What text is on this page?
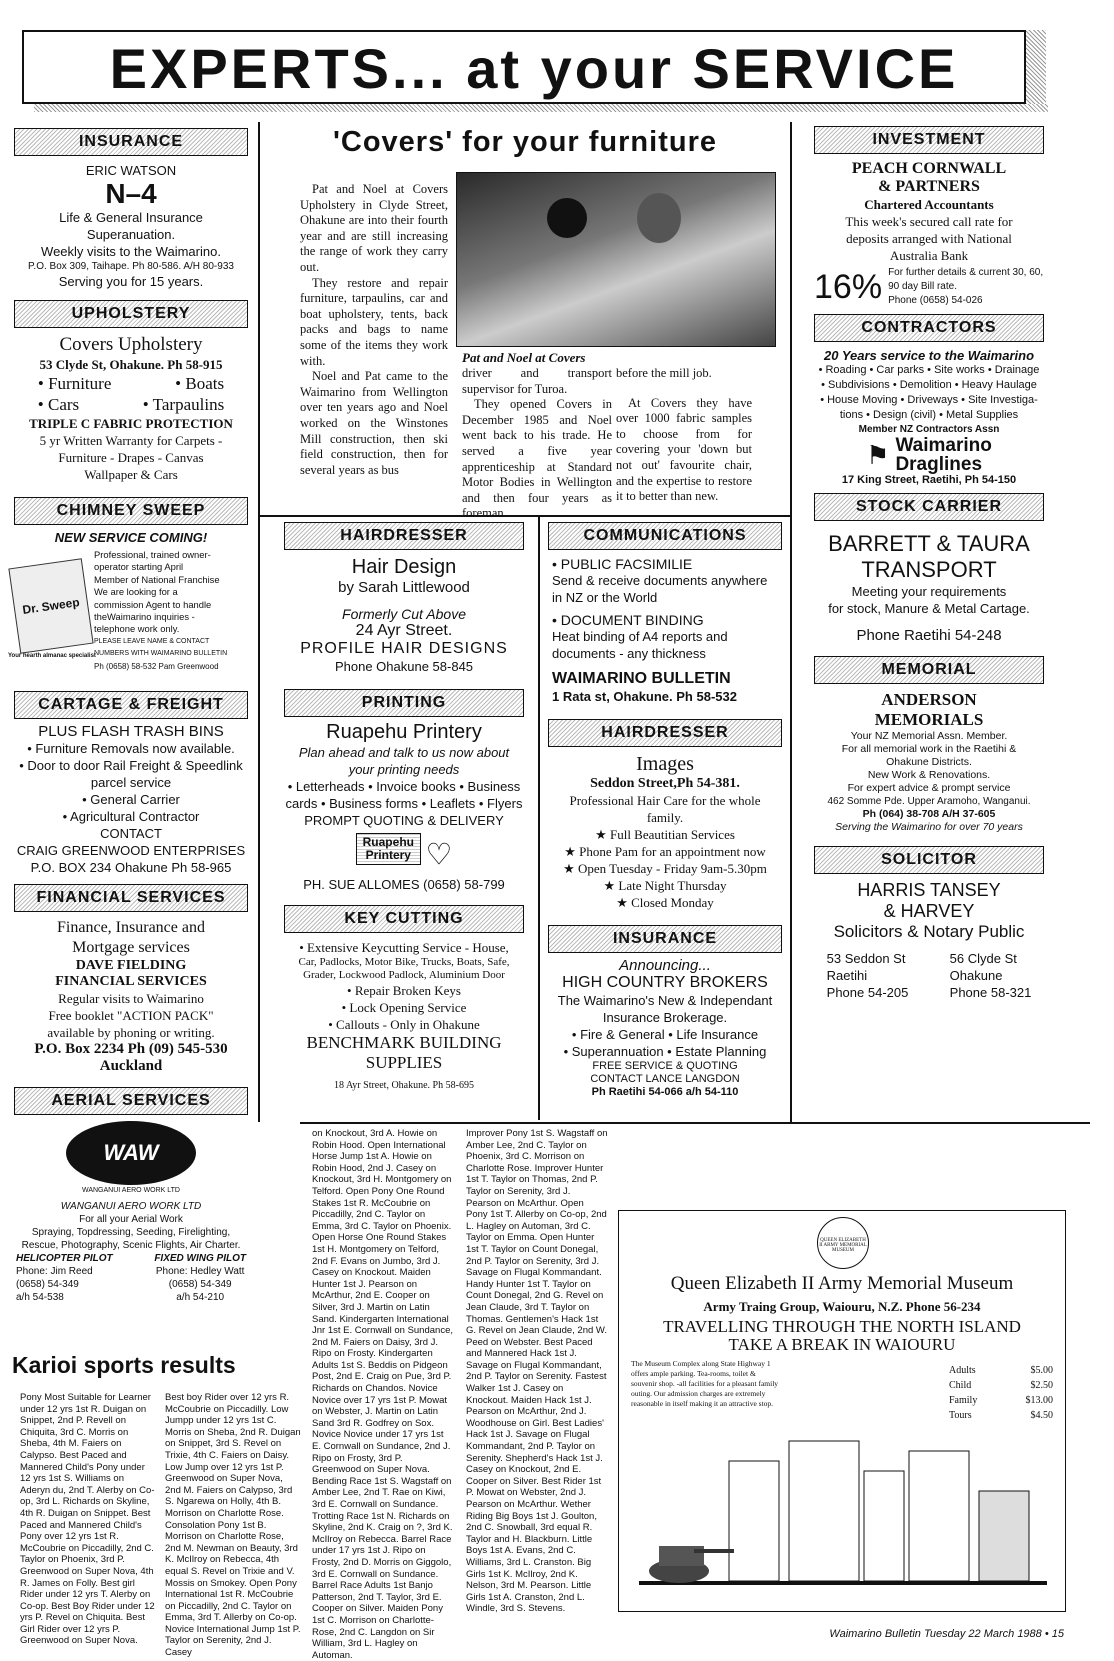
EXPERTS... at your SERVICE
INSURANCE
ERIC WATSON
N–4
Life & General Insurance
Superanuation.
Weekly visits to the Waimarino.
P.O. Box 309, Taihape. Ph 80-586. A/H 80-933
Serving you for 15 years.
UPHOLSTERY
Covers Upholstery
53 Clyde St, Ohakune. Ph 58-915
• Furniture	• Boats
• Cars	• Tarpaulins
TRIPLE C FABRIC PROTECTION
5 yr Written Warranty for Carpets -
Furniture - Drapes - Canvas
Wallpaper & Cars
CHIMNEY SWEEP
NEW SERVICE COMING!
Dr. Sweep
Your hearth almanac specialist
Professional, trained owner-
operator starting April
Member of National Franchise
We are looking for a
commission Agent to handle
theWaimarino inquiries -
telephone work only.
PLEASE LEAVE NAME & CONTACT
NUMBERS WITH WAIMARINO BULLETIN
Ph (0658) 58-532 Pam Greenwood
CARTAGE & FREIGHT
PLUS FLASH TRASH BINS
• Furniture Removals now available.
• Door to door Rail Freight & Speedlink
parcel service
• General Carrier
• Agricultural Contractor
CONTACT
CRAIG GREENWOOD ENTERPRISES
P.O. BOX 234 Ohakune Ph 58-965
FINANCIAL SERVICES
Finance, Insurance and
Mortgage services
DAVE FIELDING
FINANCIAL SERVICES
Regular visits to Waimarino
Free booklet "ACTION PACK"
available by phoning or writing.
P.O. Box 2234 Ph (09) 545-530
Auckland
AERIAL SERVICES
WAW
WANGANUI AERO WORK LTD
WANGANUI AERO WORK LTD
For all your Aerial Work
Spraying, Topdressing, Seeding, Firelighting,
Rescue, Photography, Scenic Flights, Air Charter.
HELICOPTER PILOT
Phone: Jim Reed
(0658) 54-349
a/h 54-538
FIXED WING PILOT
Phone: Hedley Watt
(0658) 54-349
a/h 54-210
'Covers' for your furniture

Pat and Noel at Covers Upholstery in Clyde Street, Ohakune are into their fourth year and are still increasing the range of work they carry out.

They restore and repair furniture, tarpaulins, car and boat upholstery, tents, back packs and bags to name some of the items they work with.

Noel and Pat came to the Waimarino from Wellington over ten years ago and Noel worked on the Winstones Mill construction, then ski field construction, then for several years as bus

Pat and Noel at Covers

driver and transport supervisor for Turoa.

They opened Covers in December 1985 and Noel went back to his trade. He served a five year apprenticeship at Standard Motor Bodies in Wellington and then four years as foreman

before the mill job.

At Covers they have over 1000 fabric samples to choose from for covering your 'down but not out' favourite chair, and the expertise to restore it to better than new.

HAIRDRESSER
Hair Design
by Sarah Littlewood
Formerly Cut Above
24 Ayr Street.
PROFILE HAIR DESIGNS
Phone Ohakune 58-845
PRINTING
Ruapehu Printery
Plan ahead and talk to us now about
your printing needs
• Letterheads • Invoice books • Business
cards • Business forms • Leaflets • Flyers
PROMPT QUOTING & DELIVERY
Ruapehu
Printery ♡
PH. SUE ALLOMES (0658) 58-799
KEY CUTTING
• Extensive Keycutting Service - House,
Car, Padlocks, Motor Bike, Trucks, Boats, Safe,
Grader, Lockwood Padlock, Aluminium Door
• Repair Broken Keys
• Lock Opening Service
• Callouts - Only in Ohakune
BENCHMARK BUILDING
SUPPLIES
18 Ayr Street, Ohakune. Ph 58-695
COMMUNICATIONS
• PUBLIC FACSIMILIE
Send & receive documents anywhere
in NZ or the World
• DOCUMENT BINDING
Heat binding of A4 reports and
documents - any thickness
WAIMARINO BULLETIN
1 Rata st, Ohakune. Ph 58-532
HAIRDRESSER
Images
Seddon Street,Ph 54-381.
Professional Hair Care for the whole
family.
★ Full Beautitian Services
★ Phone Pam for an appointment now
★ Open Tuesday - Friday 9am-5.30pm
★ Late Night Thursday
★ Closed Monday
INSURANCE
Announcing...
HIGH COUNTRY BROKERS
The Waimarino's New & Independant
Insurance Brokerage.
• Fire & General • Life Insurance
• Superannuation • Estate Planning
FREE SERVICE & QUOTING
CONTACT LANCE LANGDON
Ph Raetihi 54-066 a/h 54-110
INVESTMENT
PEACH CORNWALL
& PARTNERS
Chartered Accountants
This week's secured call rate for
deposits arranged with National
Australia Bank
16% For further details & current 30, 60,
90 day Bill rate.
Phone (0658) 54-026
CONTRACTORS
20 Years service to the Waimarino
• Roading • Car parks • Site works • Drainage
• Subdivisions • Demolition • Heavy Haulage
• House Moving • Driveways • Site Investiga-
tions • Design (civil) • Metal Supplies
Member NZ Contractors Assn
⚑ Waimarino
Draglines
17 King Street, Raetihi, Ph 54-150
STOCK CARRIER
BARRETT & TAURA
TRANSPORT
Meeting your requirements
for stock, Manure & Metal Cartage.
Phone Raetihi 54-248
MEMORIAL
ANDERSON
MEMORIALS
Your NZ Memorial Assn. Member.
For all memorial work in the Raetihi &
Ohakune Districts.
New Work & Renovations.
For expert advice & prompt service
462 Somme Pde. Upper Aramoho, Wanganui.
Ph (064) 38-708 A/H 37-605
Serving the Waimarino for over 70 years
SOLICITOR
HARRIS TANSEY
& HARVEY
Solicitors & Notary Public
53 Seddon St
Raetihi
Phone 54-205
56 Clyde St
Ohakune
Phone 58-321
Karioi sports results
Pony Most Suitable for Learner under 12 yrs 1st R. Duigan on Snippet, 2nd P. Revell on Chiquita, 3rd C. Morris on Sheba, 4th M. Faiers on Calypso. Best Paced and Mannered Child's Pony under 12 yrs 1st S. Williams on Aderyn du, 2nd T. Alerby on Co-op, 3rd L. Richards on Skyline, 4th R. Duigan on Snippet. Best Paced and Mannered Child's Pony over 12 yrs 1st R. McCoubrie on Piccadilly, 2nd C. Taylor on Phoenix, 3rd P. Greenwood on Super Nova, 4th R. James on Folly. Best girl Rider under 12 yrs T. Alerby on Co-op. Best Boy Rider under 12 yrs P. Revel on Chiquita. Best Girl Rider over 12 yrs P. Greenwood on Super Nova.
Best boy Rider over 12 yrs R. McCoubrie on Piccadilly. Low Jumpp under 12 yrs 1st C. Morris on Sheba, 2nd R. Duigan on Snippet, 3rd S. Revel on Trixie, 4th C. Faiers on Daisy. Low Jump over 12 yrs 1st P. Greenwood on Super Nova, 2nd M. Faiers on Calypso, 3rd S. Ngarewa on Holly, 4th B. Morrison on Charlotte Rose. Consolation Pony 1st B. Morrison on Charlotte Rose, 2nd M. Newman on Beauty, 3rd K. McIlroy on Rebecca, 4th equal S. Revel on Trixie and V. Mossis on Smokey. Open Pony International 1st R. McCoubrie on Piccadilly, 2nd C. Taylor on Emma, 3rd T. Allerby on Co-op. Novice International Jump 1st P. Taylor on Serenity, 2nd J. Casey
on Knockout, 3rd A. Howie on Robin Hood. Open International Horse Jump 1st A. Howie on Robin Hood, 2nd J. Casey on Knockout, 3rd H. Montgomery on Telford. Open Pony One Round Stakes 1st R. McCoubrie on Piccadilly, 2nd C. Taylor on Emma, 3rd C. Taylor on Phoenix. Open Horse One Round Stakes 1st H. Montgomery on Telford, 2nd F. Evans on Jumbo, 3rd J. Casey on Knockout. Maiden Hunter 1st J. Pearson on McArthur, 2nd E. Cooper on Silver, 3rd J. Martin on Latin Sand. Kindergarten International Jnr 1st E. Cornwall on Sundance, 2nd M. Faiers on Daisy, 3rd J. Ripo on Frosty. Kindergarten Adults 1st S. Beddis on Pidgeon Post, 2nd E. Craig on Pue, 3rd P. Richards on Chandos. Novice Novice over 17 yrs 1st P. Mowat on Webster, J. Martin on Latin Sand 3rd R. Godfrey on Sox. Novice Novice under 17 yrs 1st E. Cornwall on Sundance, 2nd J. Ripo on Frosty, 3rd P. Greenwood on Super Nova. Bending Race 1st S. Wagstaff on Amber Lee, 2nd T. Rae on Kiwi, 3rd E. Cornwall on Sundance. Trotting Race 1st N. Richards on Skyline, 2nd K. Craig on ?, 3rd K. McIlroy on Rebecca. Barrel Race under 17 yrs 1st J. Ripo on Frosty, 2nd D. Morris on Giggolo, 3rd E. Cornwall on Sundance. Barrel Race Adults 1st Banjo Patterson, 2nd T. Taylor, 3rd E. Cooper on Silver. Maiden Pony 1st C. Morrison on Charlotte-Rose, 2nd C. Langdon on Sir William, 3rd L. Hagley on Automan.
Improver Pony 1st S. Wagstaff on Amber Lee, 2nd C. Taylor on Phoenix, 3rd C. Morrison on Charlotte Rose. Improver Hunter 1st T. Taylor on Thomas, 2nd P. Taylor on Serenity, 3rd J. Pearson on McArthur. Open Pony 1st T. Allerby on Co-op, 2nd L. Hagley on Automan, 3rd C. Taylor on Emma. Open Hunter 1st T. Taylor on Count Donegal, 2nd P. Taylor on Serenity, 3rd J. Savage on Flugal Kommandant. Handy Hunter 1st T. Taylor on Count Donegal, 2nd G. Revel on Jean Claude, 3rd T. Taylor on Thomas. Gentlemen's Hack 1st G. Revel on Jean Claude, 2nd W. Peed on Webster. Best Paced and Mannered Hack 1st J. Savage on Flugal Kommandant, 2nd P. Taylor on Serenity. Fastest Walker 1st J. Casey on Knockout. Maiden Hack 1st J. Pearson on McArthur, 2nd J. Woodhouse on Girl. Best Ladies' Hack 1st J. Savage on Flugal Kommandant, 2nd P. Taylor on Serenity. Shepherd's Hack 1st J. Casey on Knockout, 2nd E. Cooper on Silver. Best Rider 1st P. Mowat on Webster, 2nd J. Pearson on McArthur. Wether Riding Big Boys 1st J. Goulton, 2nd C. Snowball, 3rd equal R. Taylor and H. Blackburn. Little Boys 1st A. Evans, 2nd C. Williams, 3rd L. Cranston. Big Girls 1st K. McIlroy, 2nd K. Nelson, 3rd M. Pearson. Little Girls 1st A. Cranston, 2nd L. Windle, 3rd S. Stevens.
QUEEN ELIZABETH II ARMY MEMORIAL MUSEUM
Queen Elizabeth II Army Memorial Museum
Army Traing Group, Waiouru, N.Z. Phone 56-234
TRAVELLING THROUGH THE NORTH ISLAND
TAKE A BREAK IN WAIOURU
The Museum Complex along State Highway 1 offers ample parking. Tea-rooms, toilet & souvenir shop. -all facilities for a pleasant family outing. Our admission charges are extremely reasonable in itself making it an attractive stop.
Adults	$5.00
Child	$2.50
Family	$13.00
Tours	$4.50
Waimarino Bulletin Tuesday 22 March 1988 • 15
